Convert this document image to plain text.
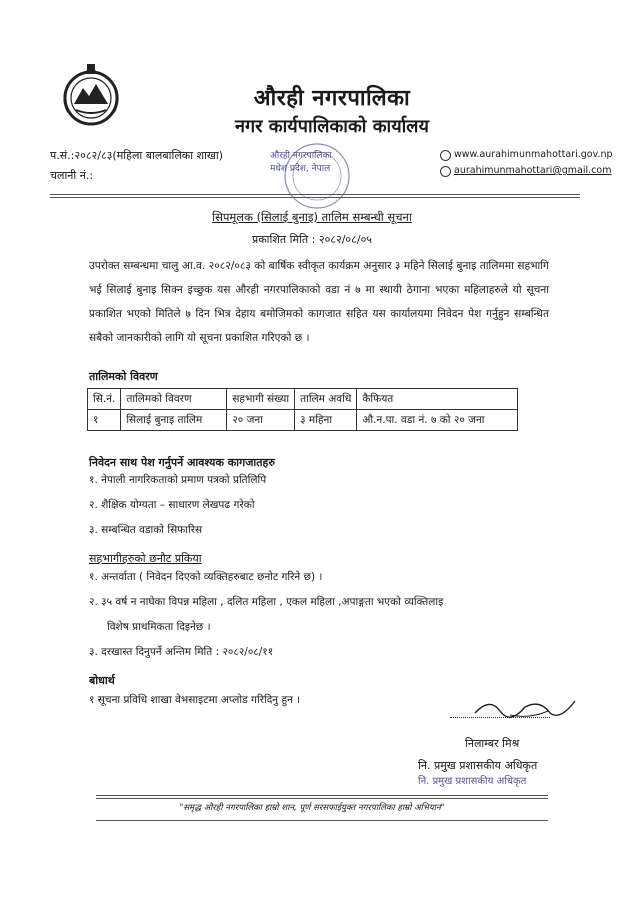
औरही नगरपालिका
नगर कार्यपालिकाको कार्यालय
प.सं.:२०८२/८३(महिला बालबालिका शाखा)
चलानी नं.:
औरही नगरपालिका
मधेश प्रदेश, नेपाल
www.aurahimunmahottari.gov.np
aurahimunmahottari@gmail.com
सिपमूलक (सिलाई बुनाइ) तालिम सम्बन्धी सूचना
प्रकाशित मिति : २०८२/०८/०५
उपरोक्त सम्बन्धमा चालु आ.व. २०८२/०८३ को बार्षिक स्वीकृत कार्यक्रम अनुसार ३ महिने सिलाई बुनाइ तालिममा सहभागि भई सिलाई बुनाइ सिक्न इच्छुक यस औरही नगरपालिकाको वडा नं ७ मा स्थायी ठेगाना भएका महिलाहरुले यो सूचना प्रकाशित भएको मितिले ७ दिन भित्र देहाय बमोजिमको कागजात सहित यस कार्यालयमा निवेदन पेश गर्नुहुन सम्बन्धित सबैको जानकारीको लागि यो सूचना प्रकाशित गरिएको छ ।
तालिमको विवरण
सि.नं.	तालिमको विवरण	सहभागी संख्या	तालिम अवधि	कैफियत
१	सिलाई बुनाइ तालिम	२० जना	३ महिना	औ.न.पा. वडा नं. ७ को २० जना
निवेदन साथ पेश गर्नुपर्ने आवश्यक कागजातहरु
१. नेपाली नागरिकताको प्रमाण पत्रको प्रतिलिपि
२. शैक्षिक योग्यता – साधारण लेखपढ गरेको
३. सम्बन्धित वडाको सिफारिस
सहभागीहरुको छनौट प्रकिया
१. अन्तर्वाता ( निवेदन दिएको व्यक्तिहरुबाट छनोट गरिने छ) ।
२. ३५ वर्ष न नाघेका विपन्न महिला , दलित महिला , एकल महिला ,अपाङ्गता भएको व्यक्तिलाइ
विशेष प्राथमिकता दिइनेछ ।
३. दरखास्त दिनुपर्ने अन्तिम मिति : २०८२/०८/११
बोधार्थ
१ सूचना प्रविधि शाखा वेभसाइटमा अप्लोड गरिदिनु हुन ।
निलाम्बर मिश्र
नि. प्रमुख प्रशासकीय अधिकृत
नि. प्रमुख प्रशासकीय अधिकृत
"समृद्ध औरही नगरपालिका हाम्रो शान, पूर्ण सरसफाईयुक्त नगरपालिका हाम्रो अभियान"
